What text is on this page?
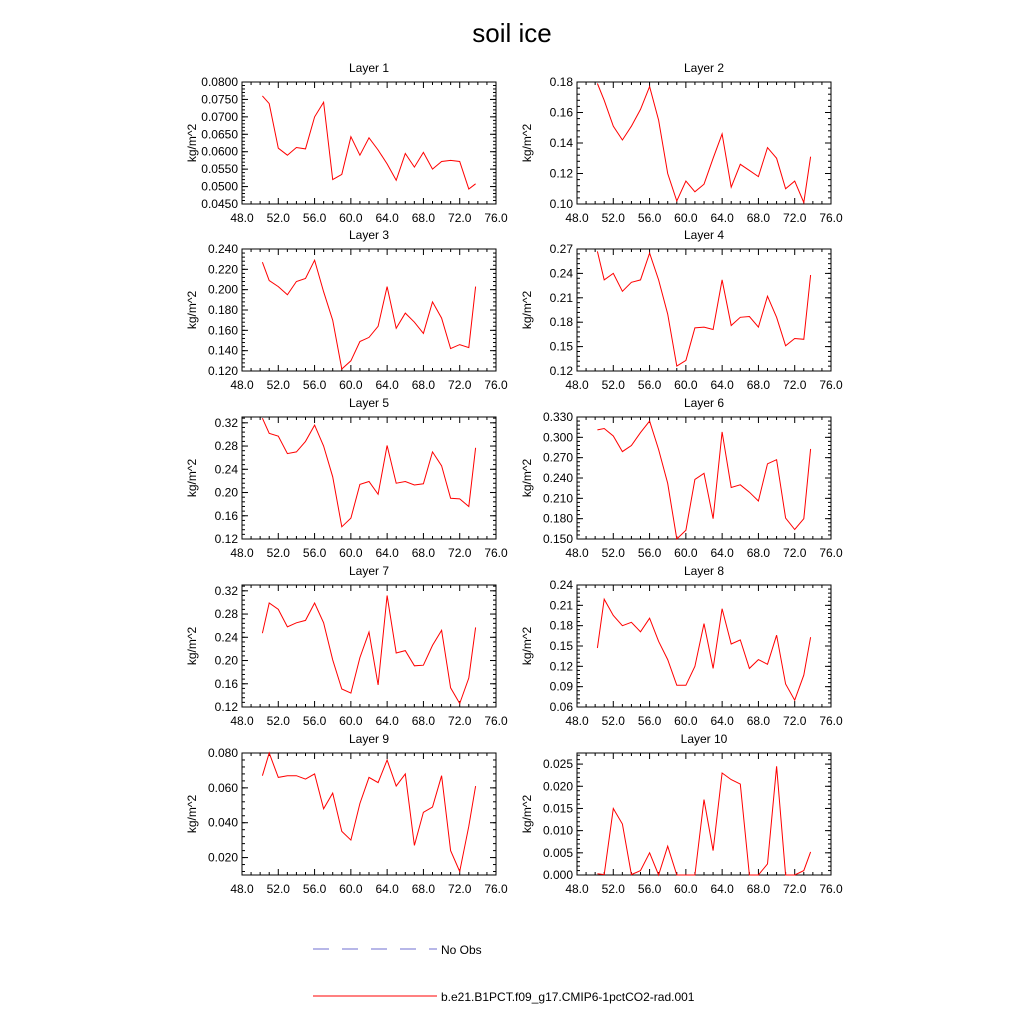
soil ice
Layer 1
48.0 52.0 56.0 60.0 64.0 68.0 72.0 76.0
0.0450
0.0500
0.0550
0.0600
0.0650
0.0700
0.0750
0.0800
kg/m^2
Layer 2
48.0 52.0 56.0 60.0 64.0 68.0 72.0 76.0
0.10
0.12
0.14
0.16
0.18
kg/m^2
Layer 3
48.0 52.0 56.0 60.0 64.0 68.0 72.0 76.0
0.120
0.140
0.160
0.180
0.200
0.220
0.240
kg/m^2
Layer 4
48.0 52.0 56.0 60.0 64.0 68.0 72.0 76.0
0.12
0.15
0.18
0.21
0.24
0.27
kg/m^2
Layer 5
48.0 52.0 56.0 60.0 64.0 68.0 72.0 76.0
0.12
0.16
0.20
0.24
0.28
0.32
kg/m^2
Layer 6
48.0 52.0 56.0 60.0 64.0 68.0 72.0 76.0
0.150
0.180
0.210
0.240
0.270
0.300
0.330
kg/m^2
Layer 7
48.0 52.0 56.0 60.0 64.0 68.0 72.0 76.0
0.12
0.16
0.20
0.24
0.28
0.32
kg/m^2
Layer 8
48.0 52.0 56.0 60.0 64.0 68.0 72.0 76.0
0.06
0.09
0.12
0.15
0.18
0.21
0.24
kg/m^2
Layer 9
48.0 52.0 56.0 60.0 64.0 68.0 72.0 76.0
0.020
0.040
0.060
0.080
kg/m^2
Layer 10
48.0 52.0 56.0 60.0 64.0 68.0 72.0 76.0
0.000
0.005
0.010
0.015
0.020
0.025
kg/m^2
No Obs
b.e21.B1PCT.f09_g17.CMIP6-1pctCO2-rad.001
